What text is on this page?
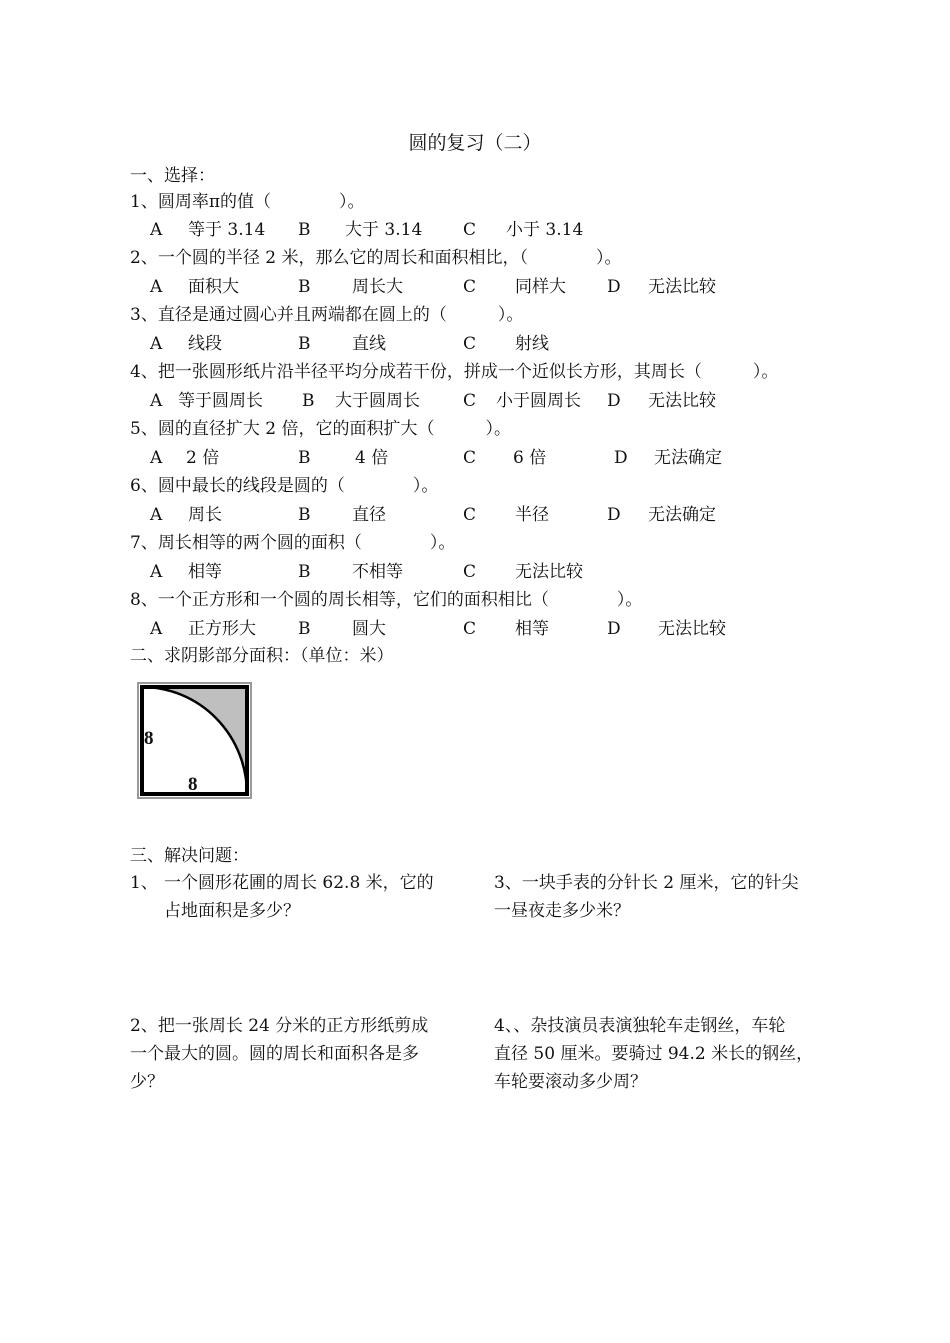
圆的复习（二）
一、选择：
1、圆周率π的值（　　　　）。
A 等于 3.14 B 大于 3.14 C 小于 3.14
2、一个圆的半径 2 米，那么它的周长和面积相比，（　　　　）。
A 面积大	B 周长大	C 同样大 D 无法比较
3、直径是通过圆心并且两端都在圆上的（　　　）。
A 线段	B 直线	C 射线
4、把一张圆形纸片沿半径平均分成若干份，拼成一个近似长方形，其周长（　　　）。
A 等于圆周长 B 大于圆周长	C 小于圆周长 D 无法比较
5、圆的直径扩大 2 倍，它的面积扩大（　　　）。
A 2 倍	B	4 倍	C 6 倍	D 无法确定
6、圆中最长的线段是圆的（　　　　）。
A 周长	B 直径	C 半径	D 无法确定
7、周长相等的两个圆的面积（　　　　）。
A 相等	B 不相等	C 无法比较
8、一个正方形和一个圆的周长相等，它们的面积相比（　　　　）。
A 正方形大 B 圆大	C 相等	D 无法比较
二、求阴影部分面积：（单位：米）
8
8
三、解决问题：
1、 一个圆形花圃的周长 62.8 米，它的
占地面积是多少？
3、一块手表的分针长 2 厘米，它的针尖
一昼夜走多少米？
2、把一张周长 24 分米的正方形纸剪成
一个最大的圆。圆的周长和面积各是多
少？
4、、杂技演员表演独轮车走钢丝，车轮
直径 50 厘米。要骑过 94.2 米长的钢丝，
车轮要滚动多少周？
